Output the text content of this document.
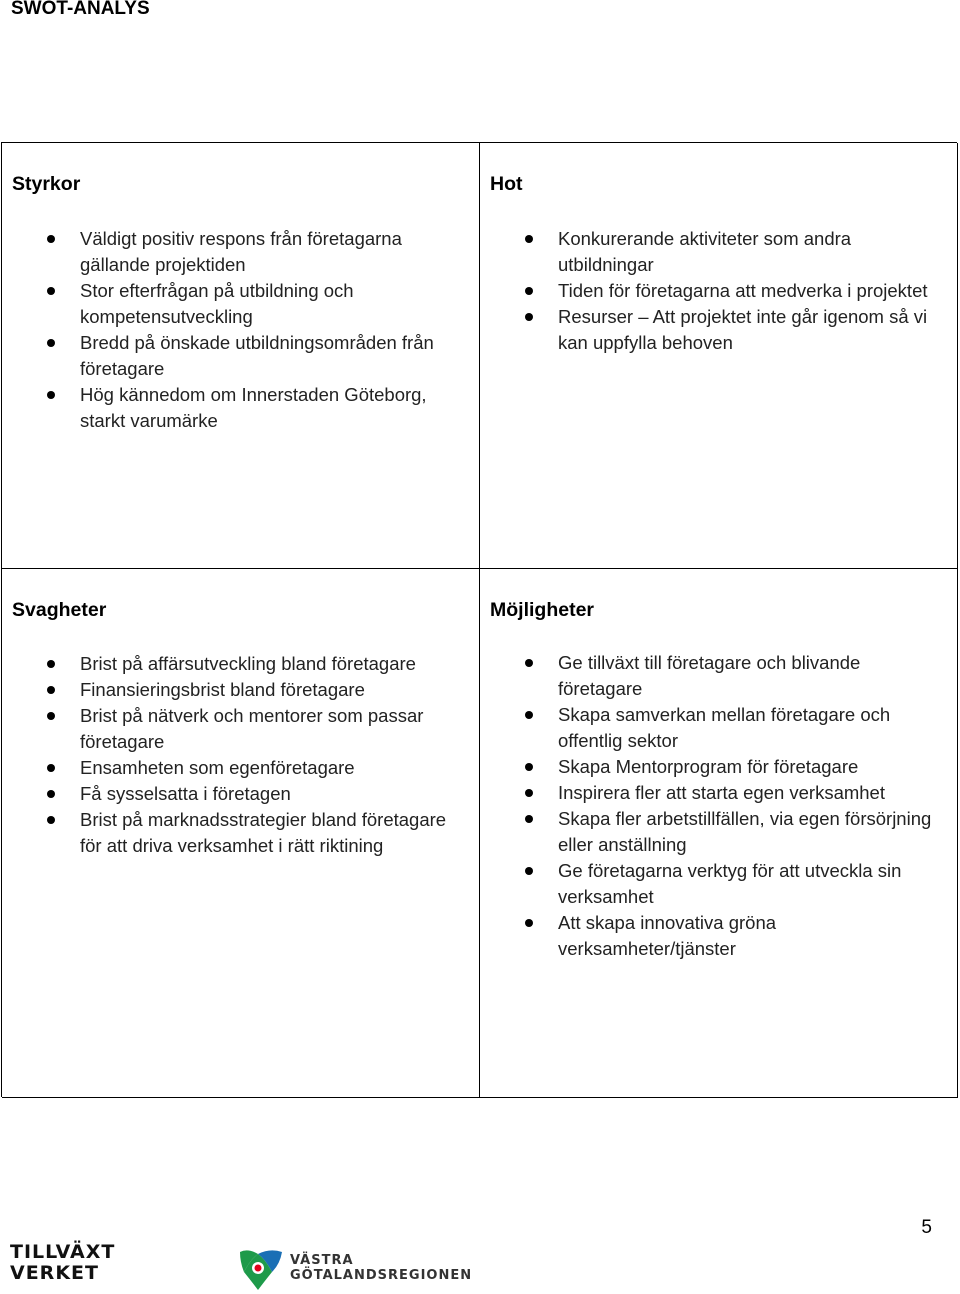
SWOT-ANALYS
Styrkor
Väldigt positiv respons från företagarna gällande projektiden
Stor efterfrågan på utbildning och kompetensutveckling
Bredd på önskade utbildningsområden från företagare
Hög kännedom om Innerstaden Göteborg, starkt varumärke
Hot
Konkurerande aktiviteter som andra utbildningar
Tiden för företagarna att medverka i projektet
Resurser – Att projektet inte går igenom så vi kan uppfylla behoven
Svagheter
Brist på affärsutveckling bland företagare
Finansieringsbrist bland företagare
Brist på nätverk och mentorer som passar företagare
Ensamheten som egenföretagare
Få sysselsatta i företagen
Brist på marknadsstrategier bland företagare för att driva verksamhet i rätt riktining
Möjligheter
Ge tillväxt till företagare och blivande företagare
Skapa samverkan mellan företagare och offentlig sektor
Skapa Mentorprogram för företagare
Inspirera fler att starta egen verksamhet
Skapa fler arbetstillfällen, via egen försörjning eller anställning
Ge företagarna verktyg för att utveckla sin verksamhet
Att skapa innovativa gröna verksamheter/tjänster
5
TILLVÄXT
VERKET
VÄSTRA
GÖTALANDSREGIONEN
